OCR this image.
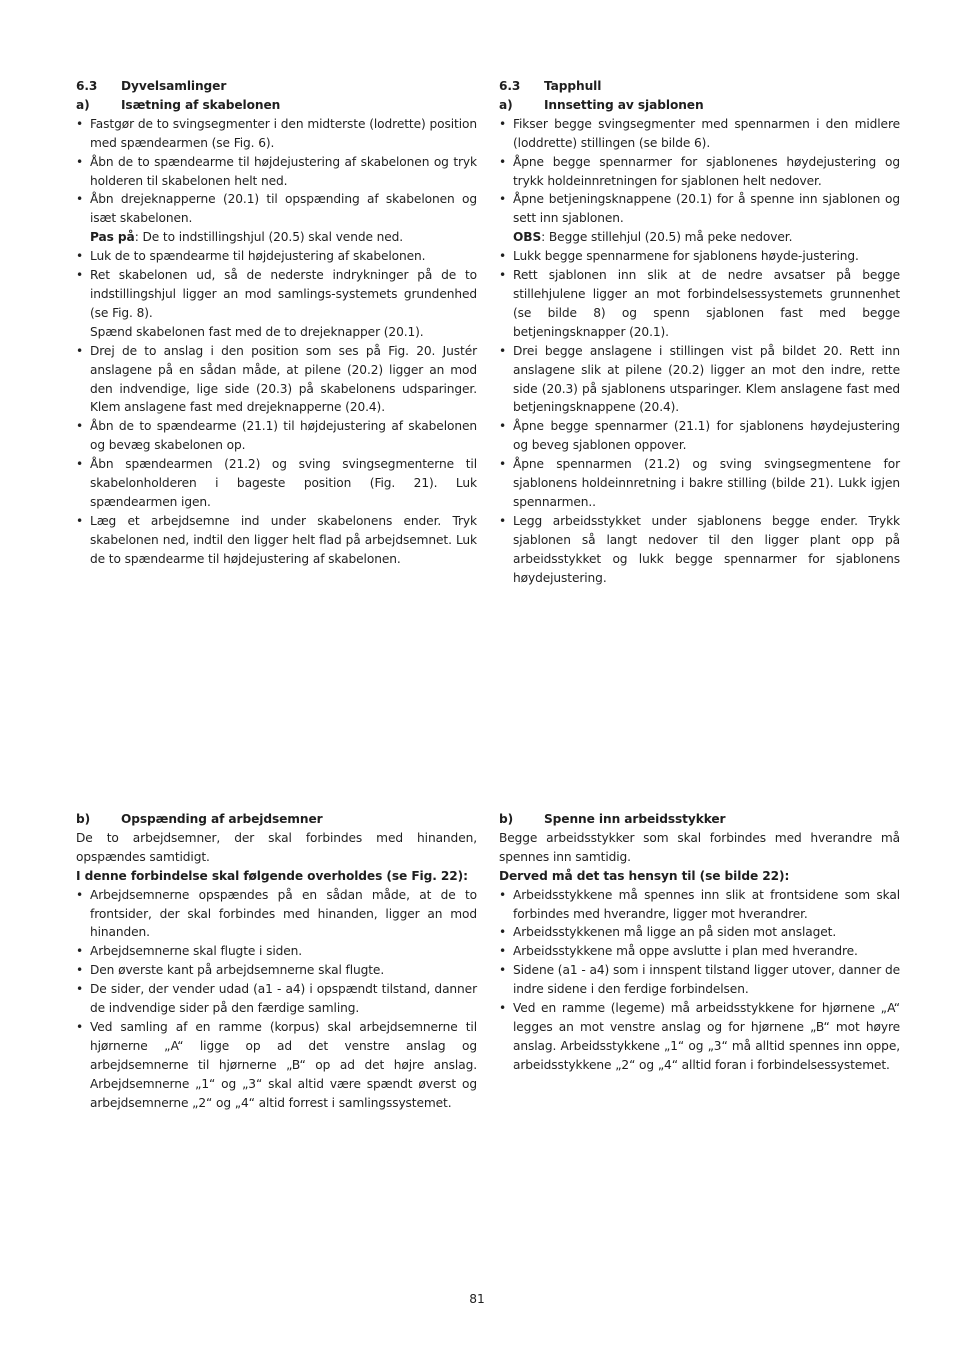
6.3	Dyvelsamlinger
a)	Isætning af skabelonen
• Fastgør de to svingsegmenter i den midterste (lodrette) position med spændearmen (se Fig. 6).
• Åbn de to spændearme til højdejustering af skabelonen og tryk holderen til skabelonen helt ned.
• Åbn drejeknapperne (20.1) til opspænding af skabelonen og isæt skabelonen.
Pas på: De to indstillingshjul (20.5) skal vende ned.
• Luk de to spændearme til højdejustering af skabelonen.
• Ret skabelonen ud, så de nederste indrykninger på de to indstillingshjul ligger an mod samlings-systemets grundenhed (se Fig. 8).
Spænd skabelonen fast med de to drejeknapper (20.1).
• Drej de to anslag i den position som ses på Fig. 20. Justér anslagene på en sådan måde, at pilene (20.2) ligger an mod den indvendige, lige side (20.3) på skabelonens udsparinger. Klem anslagene fast med drejeknapperne (20.4).
• Åbn de to spændearme (21.1) til højdejustering af skabelonen og bevæg skabelonen op.
• Åbn spændearmen (21.2) og sving svingsegmenterne til skabelonholderen i bageste position (Fig. 21). Luk spændearmen igen.
• Læg et arbejdsemne ind under skabelonens ender. Tryk skabelonen ned, indtil den ligger helt flad på arbejdsemnet. Luk de to spændearme til højdejustering af skabelonen.
6.3	Tapphull
a)	Innsetting av sjablonen
• Fikser begge svingsegmenter med spennarmen i den midlere (loddrette) stillingen (se bilde 6).
• Åpne begge spennarmer for sjablonenes høydejustering og trykk holdeinnretningen for sjablonen helt nedover.
• Åpne betjeningsknappene (20.1) for å spenne inn sjablonen og sett inn sjablonen.
OBS: Begge stillehjul (20.5) må peke nedover.
• Lukk begge spennarmene for sjablonens høyde-justering.
• Rett sjablonen inn slik at de nedre avsatser på begge stillehjulene ligger an mot forbindelsessystemets grunnenhet (se bilde 8) og spenn sjablonen fast med begge betjeningsknapper (20.1).
• Drei begge anslagene i stillingen vist på bildet 20. Rett inn anslagene slik at pilene (20.2) ligger an mot den indre, rette side (20.3) på sjablonens utsparinger. Klem anslagene fast med betjeningsknappene (20.4).
• Åpne begge spennarmer (21.1) for sjablonens høydejustering og beveg sjablonen oppover.
• Åpne spennarmen (21.2) og sving svingsegmentene for sjablonens holdeinnretning i bakre stilling (bilde 21). Lukk igjen spennarmen..
• Legg arbeidsstykket under sjablonens begge ender. Trykk sjablonen så langt nedover til den ligger plant opp på arbeidsstykket og lukk begge spennarmer for sjablonens høydejustering.
b)	Opspænding af arbejdsemner
De to arbejdsemner, der skal forbindes med hinanden, opspændes samtidigt.
I denne forbindelse skal følgende overholdes (se Fig. 22):
• Arbejdsemnerne opspændes på en sådan måde, at de to frontsider, der skal forbindes med hinanden, ligger an mod hinanden.
• Arbejdsemnerne skal flugte i siden.
• Den øverste kant på arbejdsemnerne skal flugte.
• De sider, der vender udad (a1 - a4) i opspændt tilstand, danner de indvendige sider på den færdige samling.
• Ved samling af en ramme (korpus) skal arbejdsemnerne til hjørnerne „A“ ligge op ad det venstre anslag og arbejdsemnerne til hjørnerne „B“ op ad det højre anslag. Arbejdsemnerne „1“ og „3“ skal altid være spændt øverst og arbejdsemnerne „2“ og „4“ altid forrest i samlingssystemet.
b)	Spenne inn arbeidsstykker
Begge arbeidsstykker som skal forbindes med hverandre må spennes inn samtidig.
Derved må det tas hensyn til (se bilde 22):
• Arbeidsstykkene må spennes inn slik at frontsidene som skal forbindes med hverandre, ligger mot hverandrer.
• Arbeidsstykkenen må ligge an på siden mot anslaget.
• Arbeidsstykkene må oppe avslutte i plan med hverandre.
• Sidene (a1 - a4) som i innspent tilstand ligger utover, danner de indre sidene i den ferdige forbindelsen.
• Ved en ramme (legeme) må arbeidsstykkene for hjørnene „A“ legges an mot venstre anslag og for hjørnene „B“ mot høyre anslag. Arbeidsstykkene „1“ og „3“ må alltid spennes inn oppe, arbeidsstykkene „2“ og „4“ alltid foran i forbindelsessystemet.
81
